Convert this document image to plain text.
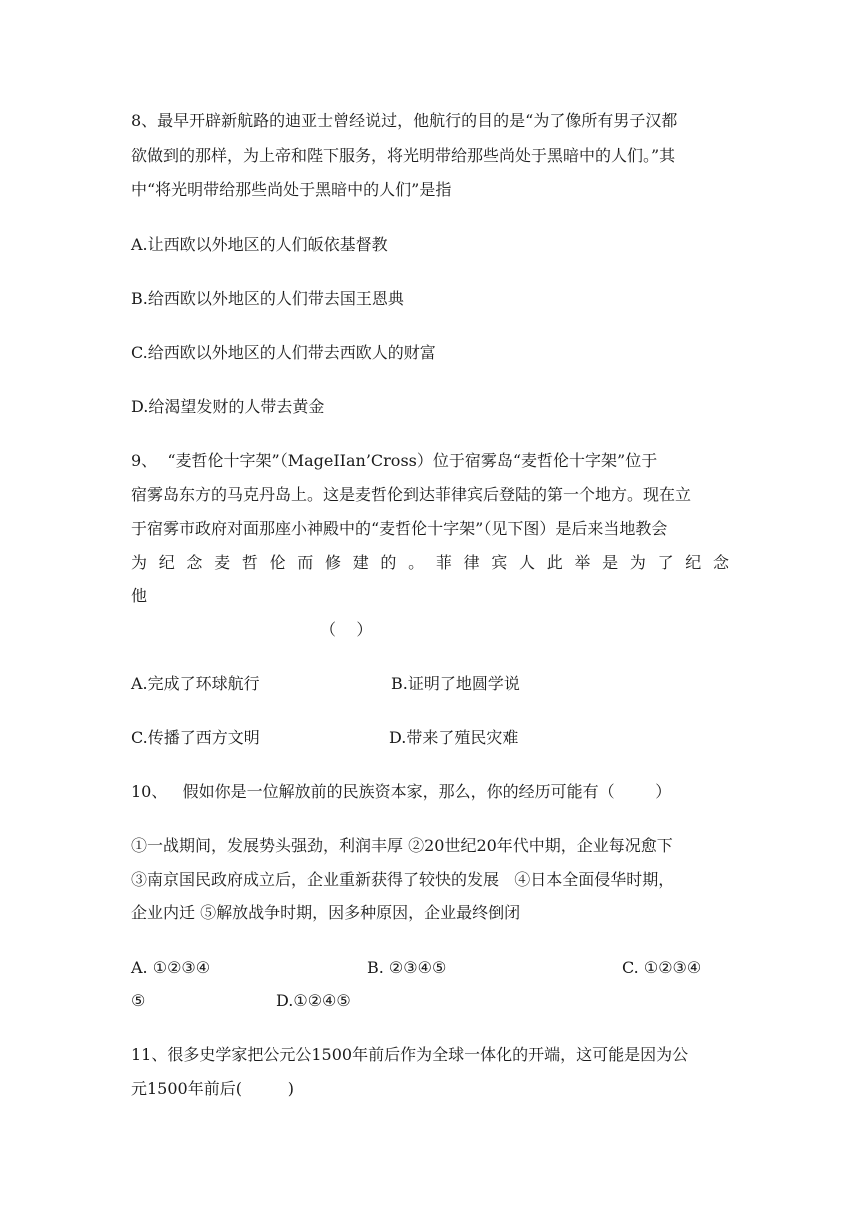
8、最早开辟新航路的迪亚士曾经说过，他航行的目的是“为了像所有男子汉都

欲做到的那样，为上帝和陛下服务，将光明带给那些尚处于黑暗中的人们。”其

中“将光明带给那些尚处于黑暗中的人们”是指

A.让西欧以外地区的人们皈依基督教

B.给西欧以外地区的人们带去国王恩典

C.给西欧以外地区的人们带去西欧人的财富

D.给渴望发财的人带去黄金

9、  “麦哲伦十字架”（MageIIan’Cross）位于宿雾岛“麦哲伦十字架”位于

宿雾岛东方的马克丹岛上。这是麦哲伦到达菲律宾后登陆的第一个地方。现在立

于宿雾市政府对面那座小神殿中的“麦哲伦十字架”（见下图）是后来当地教会

为 纪 念 麦 哲 伦 而 修 建 的 。 菲 律 宾 人 此 举 是 为 了 纪 念

他

（    ）

A.完成了环球航行	B.证明了地圆学说

C.传播了西方文明	D.带来了殖民灾难

10、   假如你是一位解放前的民族资本家，那么，你的经历可能有（        ）

①一战期间，发展势头强劲，利润丰厚 ②20世纪20年代中期，企业每况愈下

③南京国民政府成立后，企业重新获得了较快的发展   ④日本全面侵华时期，

企业内迁 ⑤解放战争时期，因多种原因，企业最终倒闭

A. ①②③④	B. ②③④⑤	C. ①②③④

⑤	D.①②④⑤

11、很多史学家把公元公1500年前后作为全球一体化的开端，这可能是因为公

元1500年前后(         )
